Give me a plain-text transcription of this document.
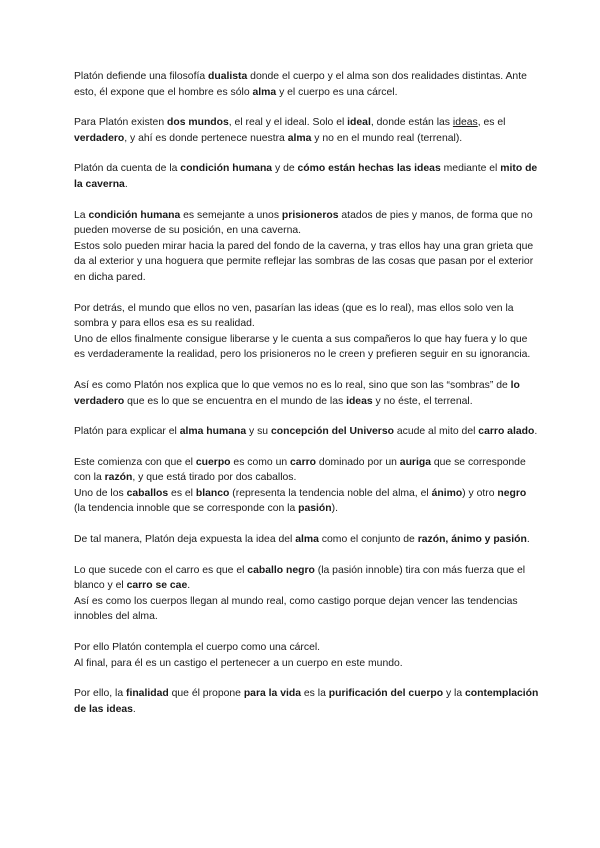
Platón defiende una filosofía dualista donde el cuerpo y el alma son dos realidades distintas. Ante esto, él expone que el hombre es sólo alma y el cuerpo es una cárcel.

Para Platón existen dos mundos, el real y el ideal. Solo el ideal, donde están las ideas, es el verdadero, y ahí es donde pertenece nuestra alma y no en el mundo real (terrenal).

Platón da cuenta de la condición humana y de cómo están hechas las ideas mediante el mito de la caverna.

La condición humana es semejante a unos prisioneros atados de pies y manos, de forma que no pueden moverse de su posición, en una caverna.
Estos solo pueden mirar hacia la pared del fondo de la caverna, y tras ellos hay una gran grieta que da al exterior y una hoguera que permite reflejar las sombras de las cosas que pasan por el exterior en dicha pared.

Por detrás, el mundo que ellos no ven, pasarían las ideas (que es lo real), mas ellos solo ven la sombra y para ellos esa es su realidad.
Uno de ellos finalmente consigue liberarse y le cuenta a sus compañeros lo que hay fuera y lo que es verdaderamente la realidad, pero los prisioneros no le creen y prefieren seguir en su ignorancia.

Así es como Platón nos explica que lo que vemos no es lo real, sino que son las “sombras” de lo verdadero que es lo que se encuentra en el mundo de las ideas y no éste, el terrenal.

Platón para explicar el alma humana y su concepción del Universo acude al mito del carro alado.

Este comienza con que el cuerpo es como un carro dominado por un auriga que se corresponde con la razón, y que está tirado por dos caballos.
Uno de los caballos es el blanco (representa la tendencia noble del alma, el ánimo) y otro negro (la tendencia innoble que se corresponde con la pasión).

De tal manera, Platón deja expuesta la idea del alma como el conjunto de razón, ánimo y pasión.

Lo que sucede con el carro es que el caballo negro (la pasión innoble) tira con más fuerza que el blanco y el carro se cae.
Así es como los cuerpos llegan al mundo real, como castigo porque dejan vencer las tendencias innobles del alma.

Por ello Platón contempla el cuerpo como una cárcel.
Al final, para él es un castigo el pertenecer a un cuerpo en este mundo.

Por ello, la finalidad que él propone para la vida es la purificación del cuerpo y la contemplación de las ideas.
